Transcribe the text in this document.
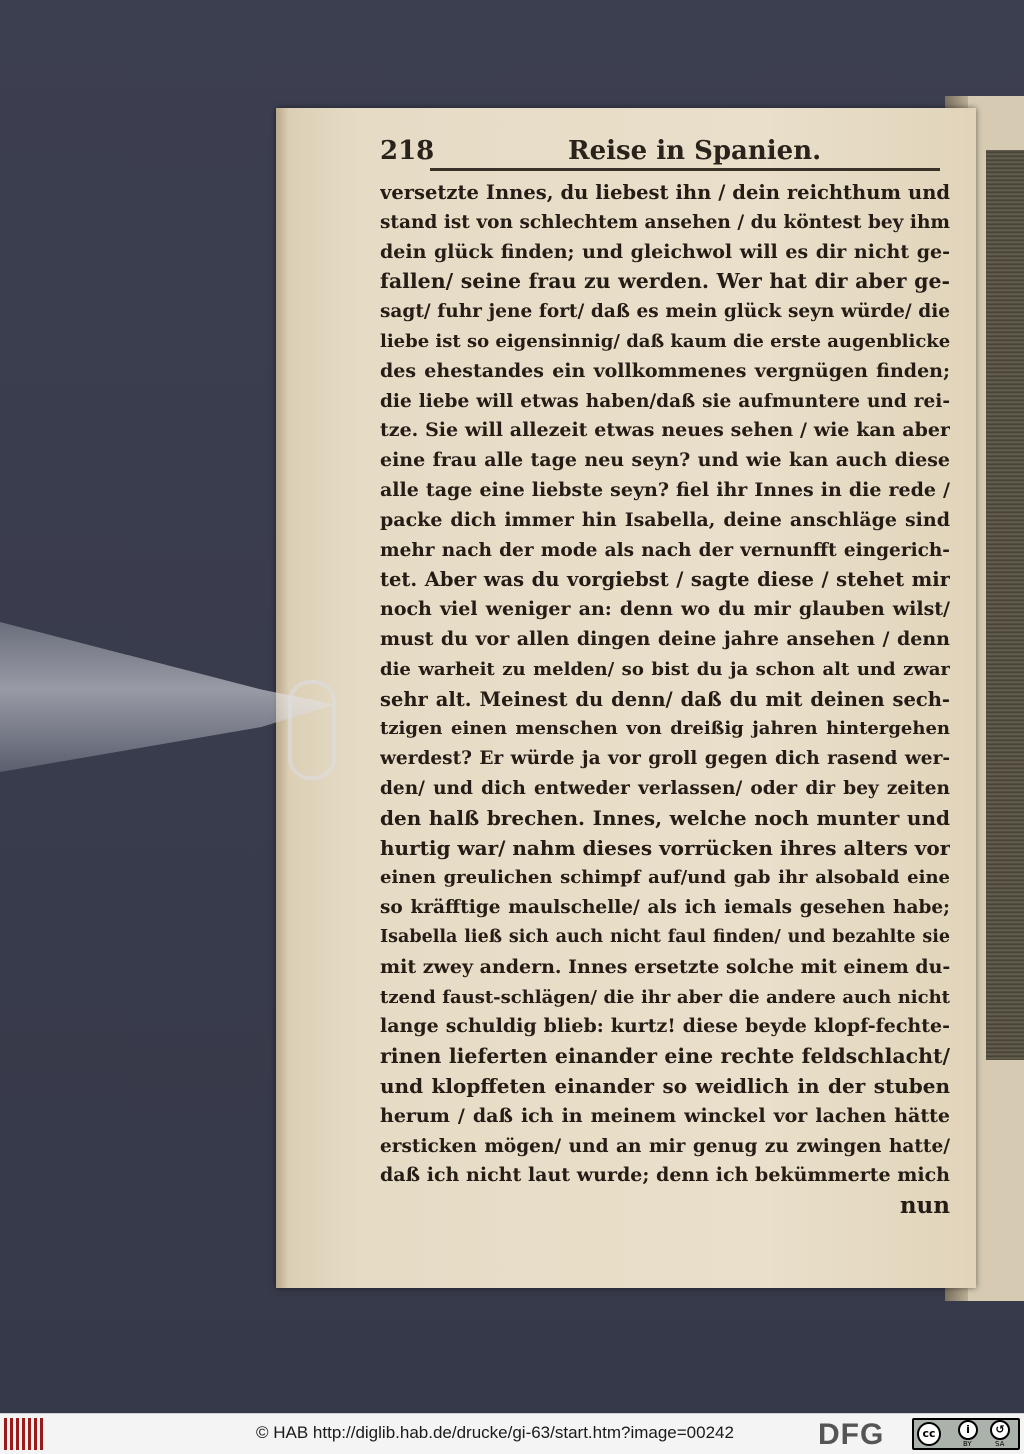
218	Reise in Spanien.
versetzte Innes, du liebest ihn / dein reichthum und
stand ist von schlechtem ansehen / du köntest bey ihm
dein glück finden; und gleichwol will es dir nicht ge-
fallen/ seine frau zu werden. Wer hat dir aber ge-
sagt/ fuhr jene fort/ daß es mein glück seyn würde/ die
liebe ist so eigensinnig/ daß kaum die erste augenblicke
des ehestandes ein vollkommenes vergnügen finden;
die liebe will etwas haben/daß sie aufmuntere und rei-
tze. Sie will allezeit etwas neues sehen / wie kan aber
eine frau alle tage neu seyn? und wie kan auch diese
alle tage eine liebste seyn? fiel ihr Innes in die rede /
packe dich immer hin Isabella, deine anschläge sind
mehr nach der mode als nach der vernunfft eingerich-
tet. Aber was du vorgiebst / sagte diese / stehet mir
noch viel weniger an: denn wo du mir glauben wilst/
must du vor allen dingen deine jahre ansehen / denn
die warheit zu melden/ so bist du ja schon alt und zwar
sehr alt. Meinest du denn/ daß du mit deinen sech-
tzigen einen menschen von dreißig jahren hintergehen
werdest? Er würde ja vor groll gegen dich rasend wer-
den/ und dich entweder verlassen/ oder dir bey zeiten
den halß brechen. Innes, welche noch munter und
hurtig war/ nahm dieses vorrücken ihres alters vor
einen greulichen schimpf auf/und gab ihr alsobald eine
so kräfftige maulschelle/ als ich iemals gesehen habe;
Isabella ließ sich auch nicht faul finden/ und bezahlte sie
mit zwey andern. Innes ersetzte solche mit einem du-
tzend faust-schlägen/ die ihr aber die andere auch nicht
lange schuldig blieb: kurtz! diese beyde klopf-fechte-
rinen lieferten einander eine rechte feldschlacht/
und klopffeten einander so weidlich in der stuben
herum / daß ich in meinem winckel vor lachen hätte
ersticken mögen/ und an mir genug zu zwingen hatte/
daß ich nicht laut wurde; denn ich bekümmerte mich
nun
© HAB http://diglib.hab.de/drucke/gi-63/start.htm?image=00242	DFG	cc	i	↺
BY	SA
